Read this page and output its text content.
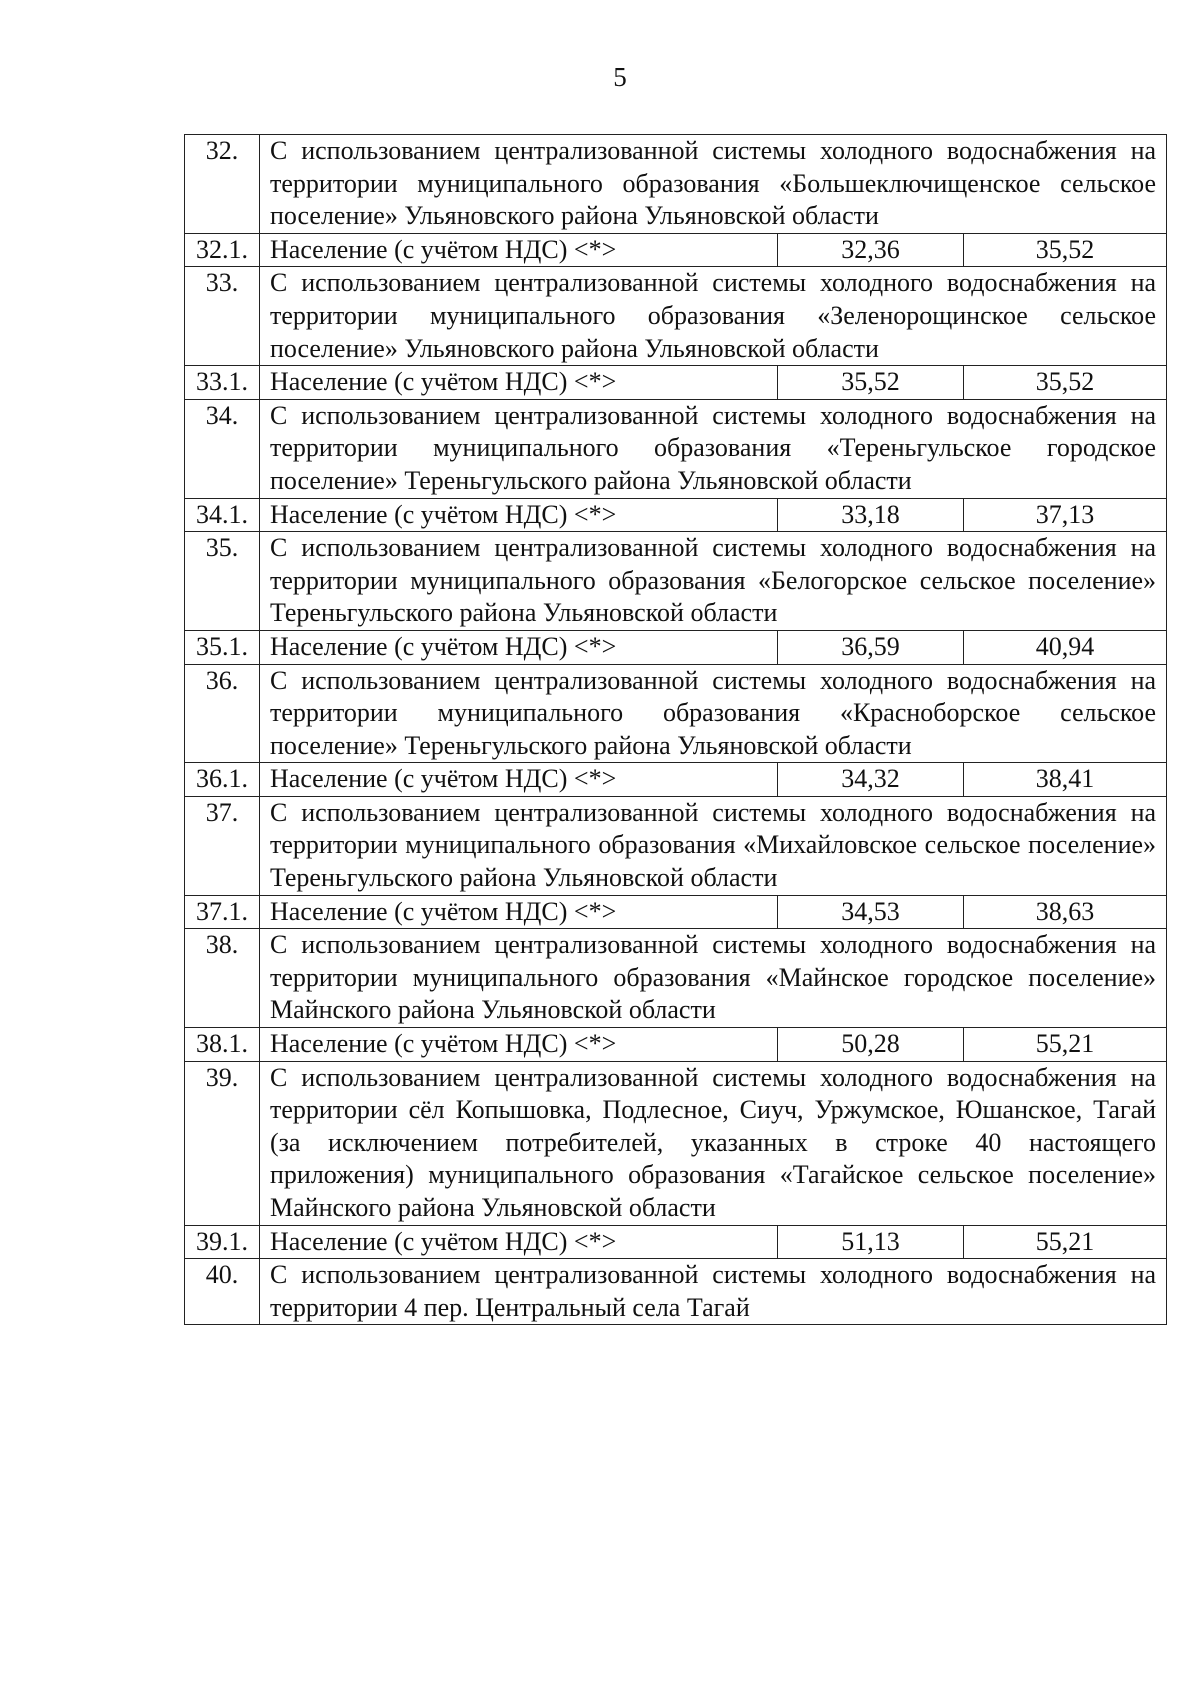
5
32.	С использованием централизованной системы холодного водоснабжения на территории муниципального образования «Большеключищенское сельское поселение» Ульяновского района Ульяновской области		
32.1.	Население (с учётом НДС) <*>	32,36	35,52
33.	С использованием централизованной системы холодного водоснабжения на территории муниципального образования «Зеленорощинское сельское поселение» Ульяновского района Ульяновской области		
33.1.	Население (с учётом НДС) <*>	35,52	35,52
34.	С использованием централизованной системы холодного водоснабжения на территории муниципального образования «Тереньгульское городское поселение» Тереньгульского района Ульяновской области		
34.1.	Население (с учётом НДС) <*>	33,18	37,13
35.	С использованием централизованной системы холодного водоснабжения на территории муниципального образования «Белогорское сельское поселение» Тереньгульского района Ульяновской области		
35.1.	Население (с учётом НДС) <*>	36,59	40,94
36.	С использованием централизованной системы холодного водоснабжения на территории муниципального образования «Красноборское сельское поселение» Тереньгульского района Ульяновской области		
36.1.	Население (с учётом НДС) <*>	34,32	38,41
37.	С использованием централизованной системы холодного водоснабжения на территории муниципального образования «Михайловское сельское поселение» Тереньгульского района Ульяновской области		
37.1.	Население (с учётом НДС) <*>	34,53	38,63
38.	С использованием централизованной системы холодного водоснабжения на территории муниципального образования «Майнское городское поселение» Майнского района Ульяновской области		
38.1.	Население (с учётом НДС) <*>	50,28	55,21
39.	С использованием централизованной системы холодного водоснабжения на территории сёл Копышовка, Подлесное, Сиуч, Уржумское, Юшанское, Тагай (за исключением потребителей, указанных в строке 40 настоящего приложения) муниципального образования «Тагайское сельское поселение» Майнского района Ульяновской области		
39.1.	Население (с учётом НДС) <*>	51,13	55,21
40.	С использованием централизованной системы холодного водоснабжения на территории 4 пер. Центральный села Тагай		
